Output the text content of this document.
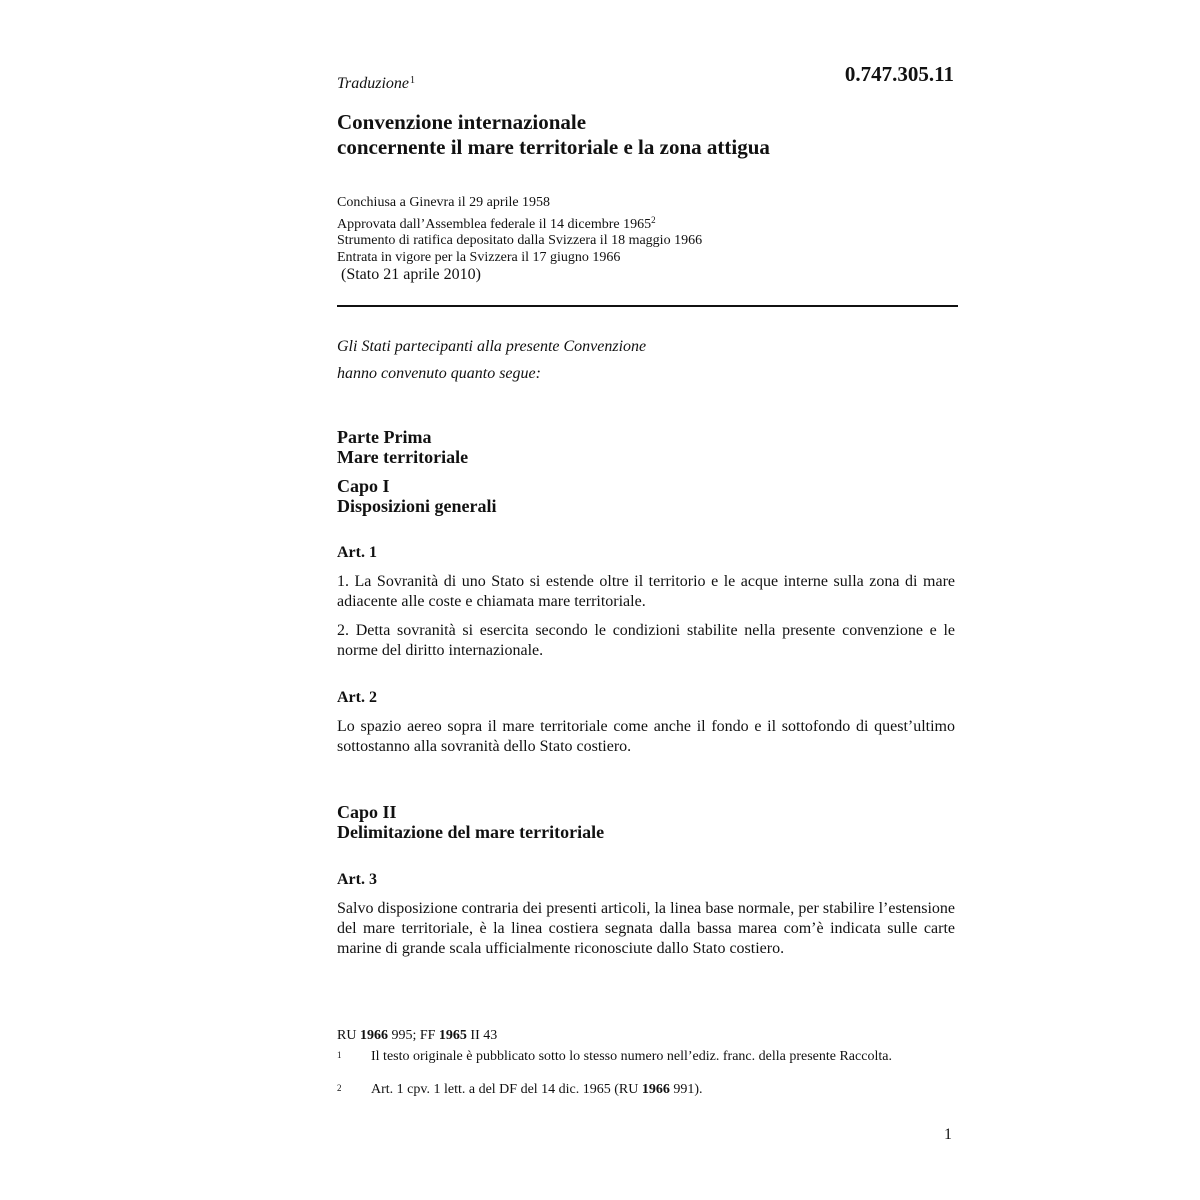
Traduzione$^1$	0.747.305.11
Convenzione internazionale
concernente il mare territoriale e la zona attigua
Conchiusa a Ginevra il 29 aprile 1958
Approvata dall’Assemblea federale il 14 dicembre 1965$^2$
Strumento di ratifica depositato dalla Svizzera il 18 maggio 1966
Entrata in vigore per la Svizzera il 17 giugno 1966
(Stato 21 aprile 2010)
Gli Stati partecipanti alla presente Convenzione
hanno convenuto quanto segue:
Parte Prima
Mare territoriale
Capo I
Disposizioni generali
Art. 1
1. La Sovranità di uno Stato si estende oltre il territorio e le acque interne sulla zona di mare adiacente alle coste e chiamata mare territoriale.
2. Detta sovranità si esercita secondo le condizioni stabilite nella presente convenzione e le norme del diritto internazionale.
Art. 2
Lo spazio aereo sopra il mare territoriale come anche il fondo e il sottofondo di quest’ultimo sottostanno alla sovranità dello Stato costiero.
Capo II
Delimitazione del mare territoriale
Art. 3
Salvo disposizione contraria dei presenti articoli, la linea base normale, per stabilire l’estensione del mare territoriale, è la linea costiera segnata dalla bassa marea com’è indicata sulle carte marine di grande scala ufficialmente riconosciute dallo Stato costiero.
RU 1966 995; FF 1965 II 43
1 Il testo originale è pubblicato sotto lo stesso numero nell’ediz. franc. della presente Raccolta.
2 Art. 1 cpv. 1 lett. a del DF del 14 dic. 1965 (RU 1966 991).
1
